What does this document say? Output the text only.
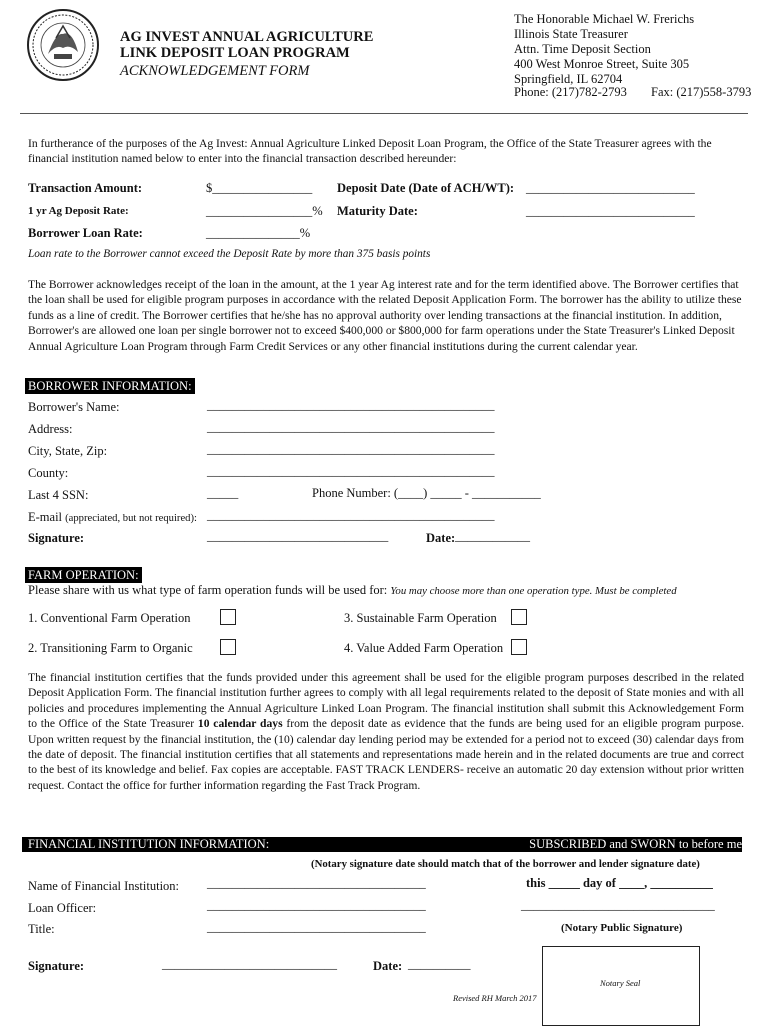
AG INVEST ANNUAL AGRICULTURE
LINK DEPOSIT LOAN PROGRAM
ACKNOWLEDGEMENT FORM
The Honorable Michael W. Frerichs
Illinois State Treasurer
Attn. Time Deposit Section
400 West Monroe Street, Suite 305
Springfield, IL 62704
Phone: (217)782-2793 Fax: (217)558-3793
In furtherance of the purposes of the Ag Invest: Annual Agriculture Linked Deposit Loan Program, the Office of the State Treasurer agrees with the financial institution named below to enter into the financial transaction described hereunder:
Transaction Amount:	$________________ Deposit Date (Date of ACH/WT): ___________________________
1 yr Ag Deposit Rate:	_________________% Maturity Date:	___________________________
Borrower Loan Rate:	_______________%
Loan rate to the Borrower cannot exceed the Deposit Rate by more than 375 basis points
The Borrower acknowledges receipt of the loan in the amount, at the 1 year Ag interest rate and for the term identified above. The Borrower certifies that the loan shall be used for eligible program purposes in accordance with the related Deposit Application Form. The borrower has the ability to utilize these funds as a line of credit. The Borrower certifies that he/she has no approval authority over lending transactions at the financial institution. In addition, Borrower's are allowed one loan per single borrower not to exceed $400,000 or $800,000 for farm operations under the State Treasurer's Linked Deposit Annual Agriculture Loan Program through Farm Credit Services or any other financial institutions during the current calendar year.
BORROWER INFORMATION:
Borrower's Name:	______________________________________________
Address:	______________________________________________
City, State, Zip:	______________________________________________
County:	______________________________________________
Last 4 SSN:	_____	Phone Number: (____) _____ - ___________
E-mail (appreciated, but not required): ______________________________________________
Signature:	_____________________________	Date: ____________
FARM OPERATION:
Please share with us what type of farm operation funds will be used for: You may choose more than one operation type. Must be completed
1. Conventional Farm Operation	3. Sustainable Farm Operation
2. Transitioning Farm to Organic	4. Value Added Farm Operation
The financial institution certifies that the funds provided under this agreement shall be used for the eligible program purposes described in the related Deposit Application Form. The financial institution further agrees to comply with all legal requirements related to the deposit of State monies and with all policies and procedures implementing the Annual Agriculture Linked Loan Program. The financial institution shall submit this Acknowledgement Form to the Office of the State Treasurer 10 calendar days from the deposit date as evidence that the funds are being used for an eligible program purpose. Upon written request by the financial institution, the (10) calendar day lending period may be extended for a period not to exceed (30) calendar days from the date of deposit. The financial institution certifies that all statements and representations made herein and in the related documents are true and correct to the best of its knowledge and belief. Fax copies are acceptable. FAST TRACK LENDERS- receive an automatic 20 day extension without prior written request. Contact the office for further information regarding the Fast Track Program.
FINANCIAL INSTITUTION INFORMATION:	SUBSCRIBED and SWORN to before me
(Notary signature date should match that of the borrower and lender signature date)
Name of Financial Institution: ___________________________________	this _____ day of ____, __________
Loan Officer:	___________________________________	_______________________________
Title:	___________________________________	(Notary Public Signature)
Signature:	____________________________	Date: __________
Notary Seal
Revised RH March 2017
